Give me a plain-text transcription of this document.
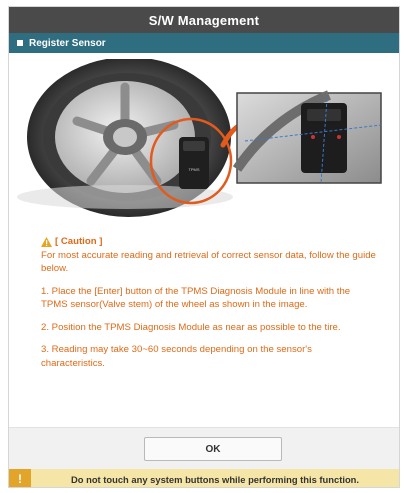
S/W Management
Register Sensor
TPMS
[ Caution ]

For most accurate reading and retrieval of correct sensor data, follow the guide below.

1. Place the [Enter] button of the TPMS Diagnosis Module in line with the TPMS sensor(Valve stem) of the wheel as shown in the image.

2. Position the TPMS Diagnosis Module as near as possible to the tire.

3. Reading may take 30~60 seconds depending on the sensor's characteristics.

OK
!	Do not touch any system buttons while performing this function.
